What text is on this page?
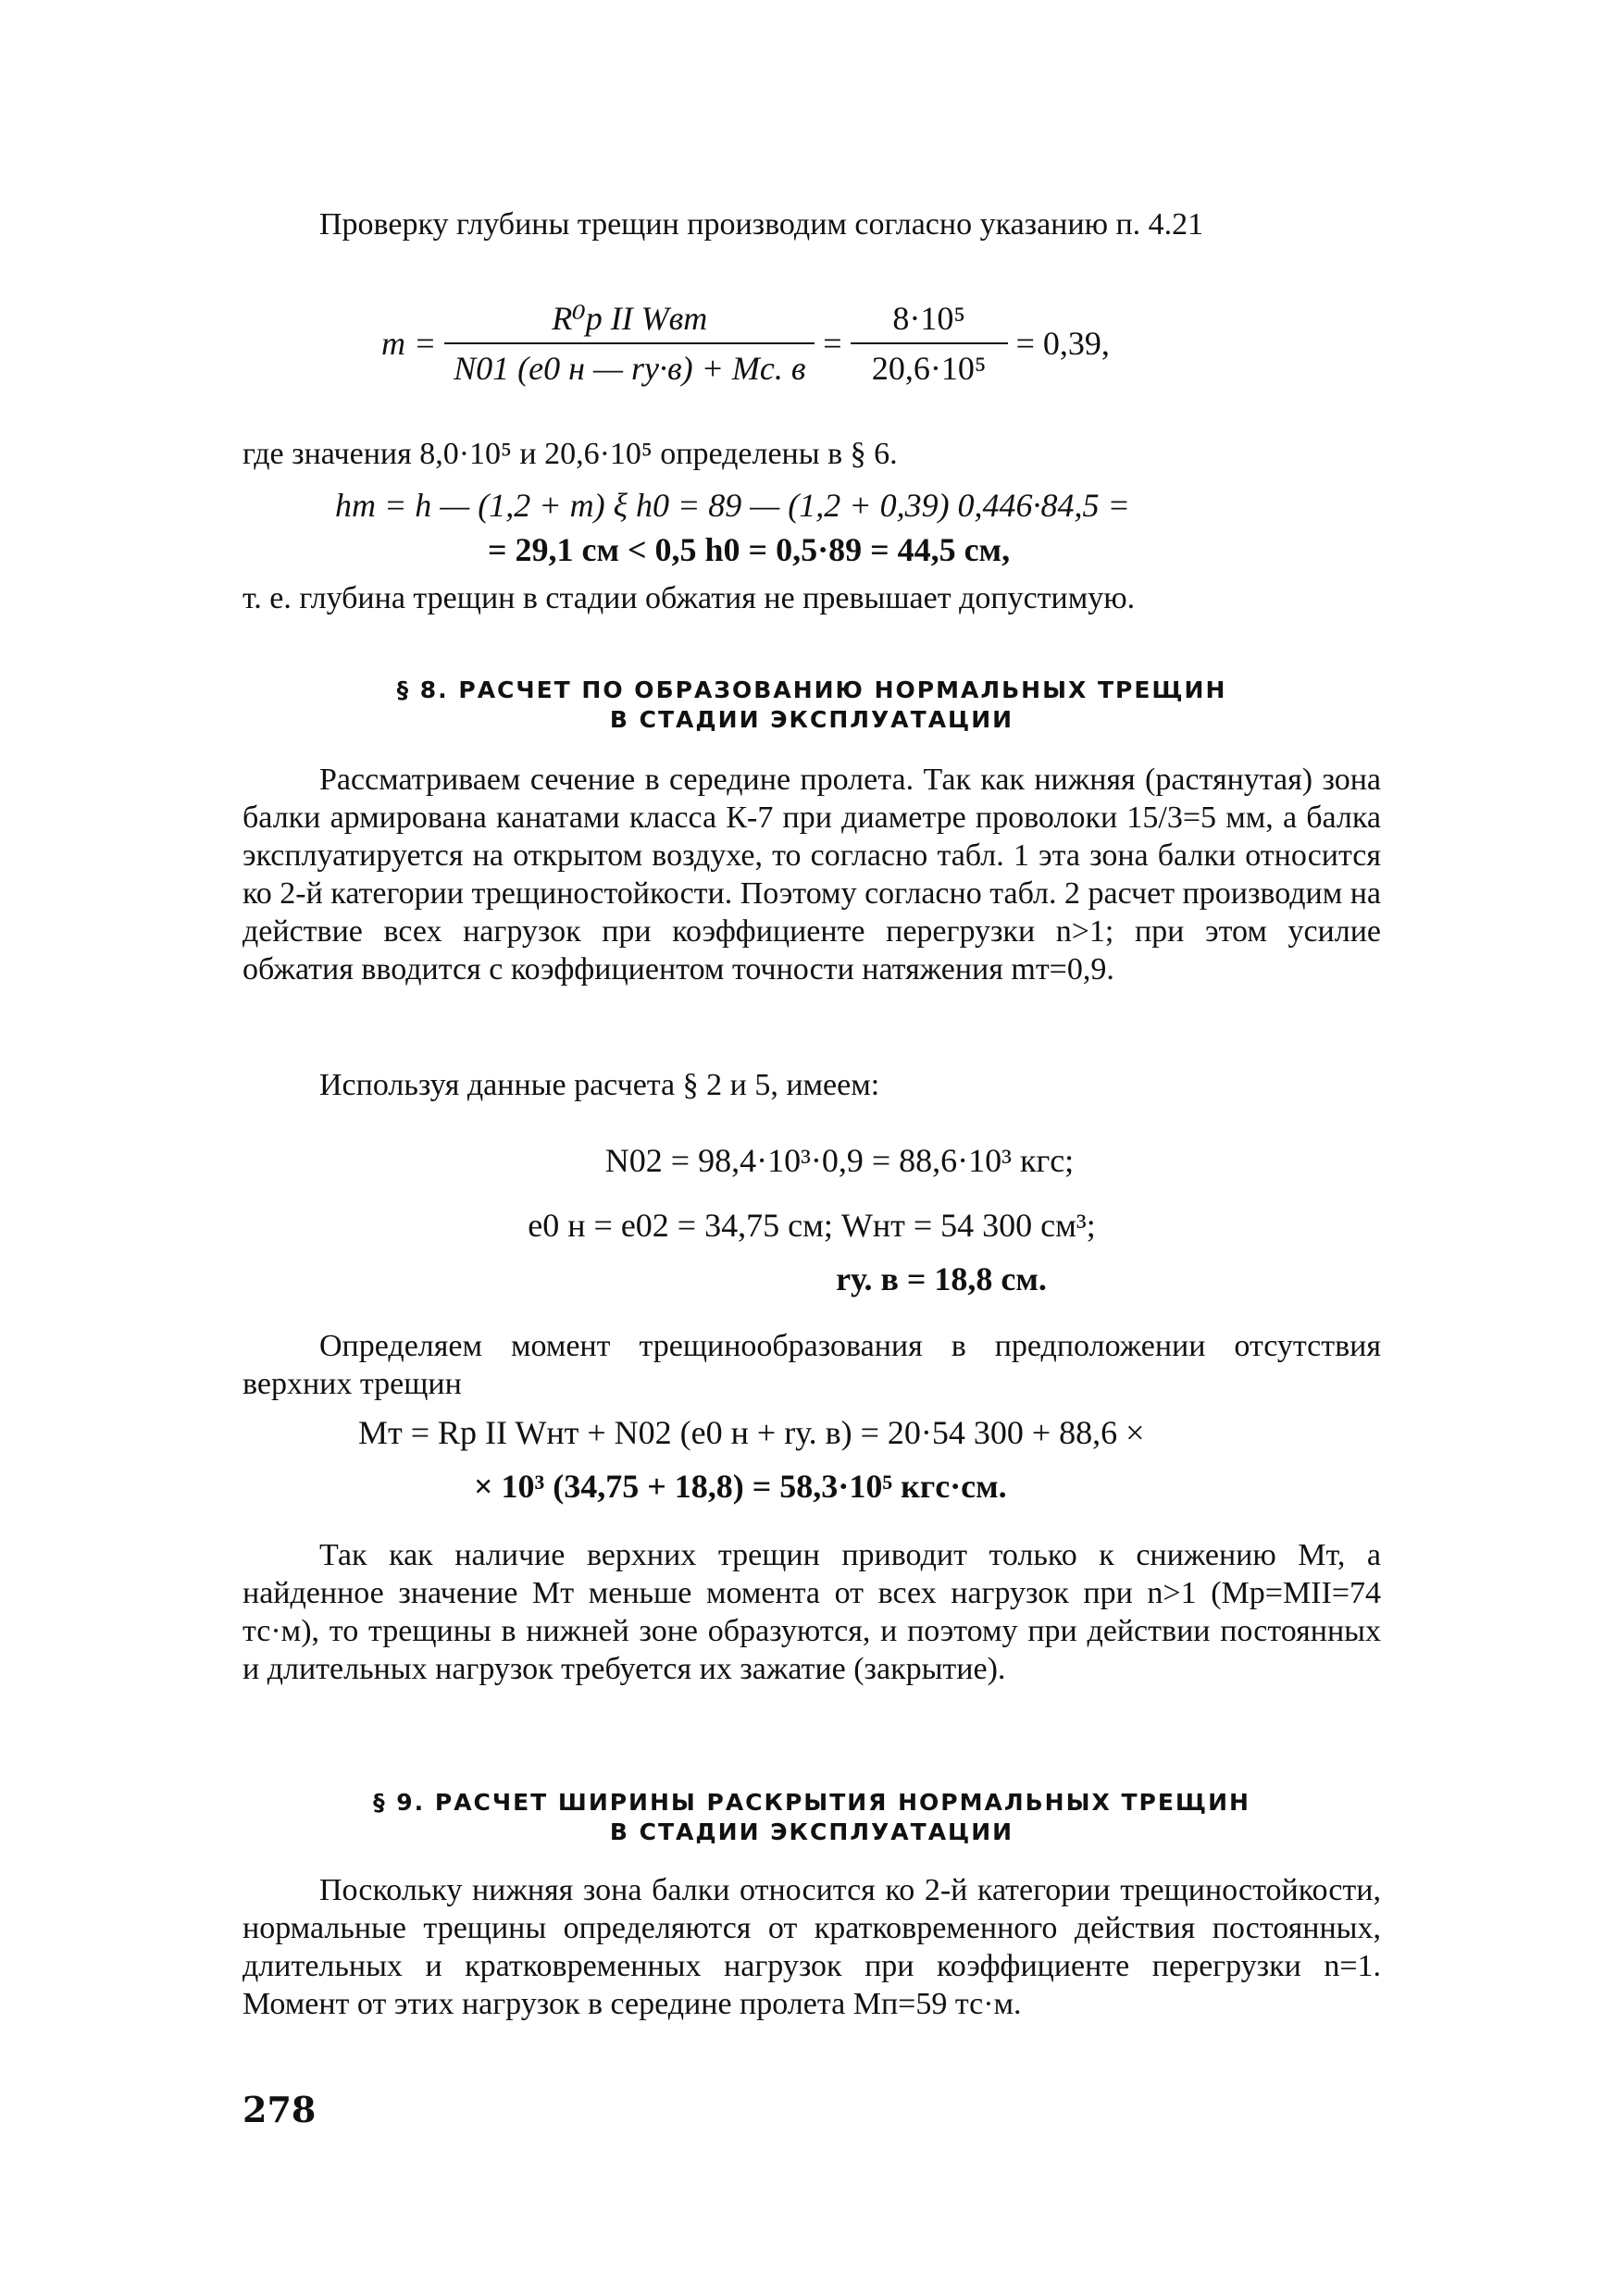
Проверку глубины трещин производим согласно указанию п. 4.21

$m = \frac{\text{R⁰р II Wвт}}{N01 (e0 н — rу\cdot в) + Mс. в} = \frac{\text{8·10⁵}}{\text{20,6·10⁵}} = 0,39$,

где значения 8,0·10⁵ и 20,6·10⁵ определены в § 6.

hт = h — (1,2 + m) ξ h0 = 89 — (1,2 + 0,39) 0,446·84,5 =
= 29,1 см < 0,5 h0 = 0,5·89 = 44,5 см,

т. е. глубина трещин в стадии обжатия не превышает допустимую.

§ 8. РАСЧЕТ ПО ОБРАЗОВАНИЮ НОРМАЛЬНЫХ ТРЕЩИН
В СТАДИИ ЭКСПЛУАТАЦИИ

Рассматриваем сечение в середине пролета. Так как нижняя (растянутая) зона балки армирована канатами класса К-7 при диаметре проволоки 15/3=5 мм, а балка эксплуатируется на открытом воздухе, то согласно табл. 1 эта зона балки относится ко 2-й категории трещиностойкости. Поэтому согласно табл. 2 расчет производим на действие всех нагрузок при коэффициенте перегрузки n>1; при этом усилие обжатия вводится с коэффициентом точности натяжения mт=0,9.

Используя данные расчета § 2 и 5, имеем:

N02 = 98,4·10³·0,9 = 88,6·10³ кгс;
e0 н = e02 = 34,75 см; Wнт = 54 300 см³;
rу. в = 18,8 см.

Определяем момент трещинообразования в предположении отсутствия верхних трещин

Mт = Rр II Wнт + N02 (e0 н + rу. в) = 20·54 300 + 88,6 ×
× 10³ (34,75 + 18,8) = 58,3·10⁵ кгс·см.

Так как наличие верхних трещин приводит только к снижению Mт, а найденное значение Mт меньше момента от всех нагрузок при n>1 (Mр=MII=74 тс·м), то трещины в нижней зоне образуются, и поэтому при действии постоянных и длительных нагрузок требуется их зажатие (закрытие).

§ 9. РАСЧЕТ ШИРИНЫ РАСКРЫТИЯ НОРМАЛЬНЫХ ТРЕЩИН
В СТАДИИ ЭКСПЛУАТАЦИИ

Поскольку нижняя зона балки относится ко 2-й категории трещиностойкости, нормальные трещины определяются от кратковременного действия постоянных, длительных и кратковременных нагрузок при коэффициенте перегрузки n=1. Момент от этих нагрузок в середине пролета Mп=59 тс·м.

278
